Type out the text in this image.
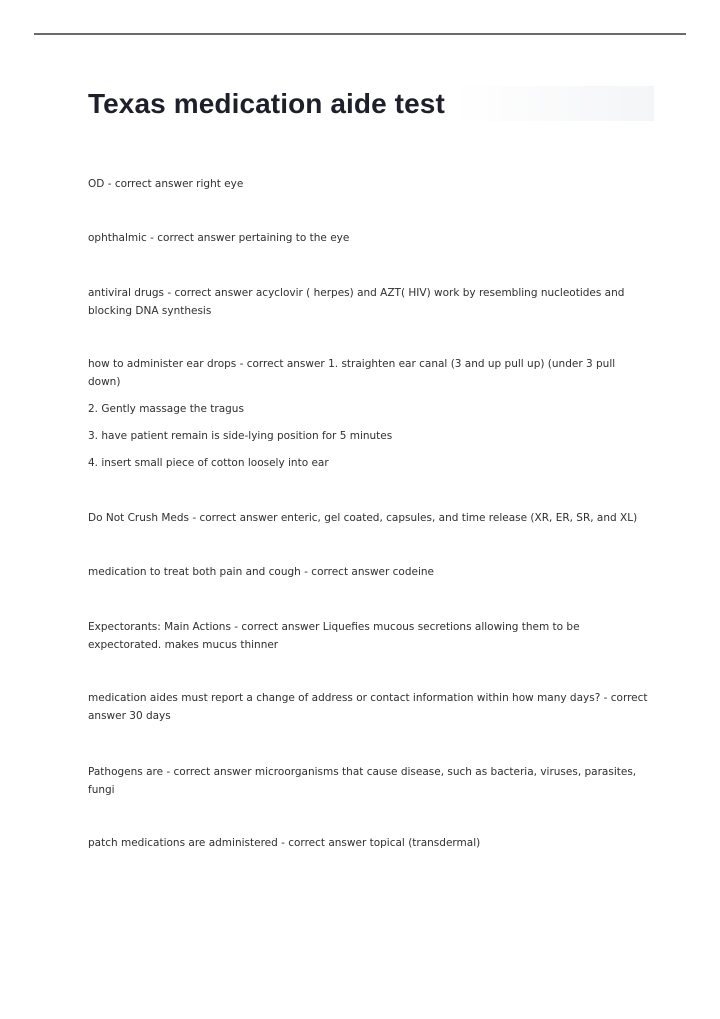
Texas medication aide test

OD - correct answer right eye

ophthalmic - correct answer pertaining to the eye

antiviral drugs - correct answer acyclovir ( herpes) and AZT( HIV) work by resembling nucleotides and blocking DNA synthesis

how to administer ear drops - correct answer 1. straighten ear canal (3 and up pull up) (under 3 pull down)

2. Gently massage the tragus

3. have patient remain is side-lying position for 5 minutes

4. insert small piece of cotton loosely into ear

Do Not Crush Meds - correct answer enteric, gel coated, capsules, and time release (XR, ER, SR, and XL)

medication to treat both pain and cough - correct answer codeine

Expectorants: Main Actions - correct answer Liquefies mucous secretions allowing them to be expectorated. makes mucus thinner

medication aides must report a change of address or contact information within how many days? - correct answer 30 days

Pathogens are - correct answer microorganisms that cause disease, such as bacteria, viruses, parasites, fungi

patch medications are administered - correct answer topical (transdermal)
